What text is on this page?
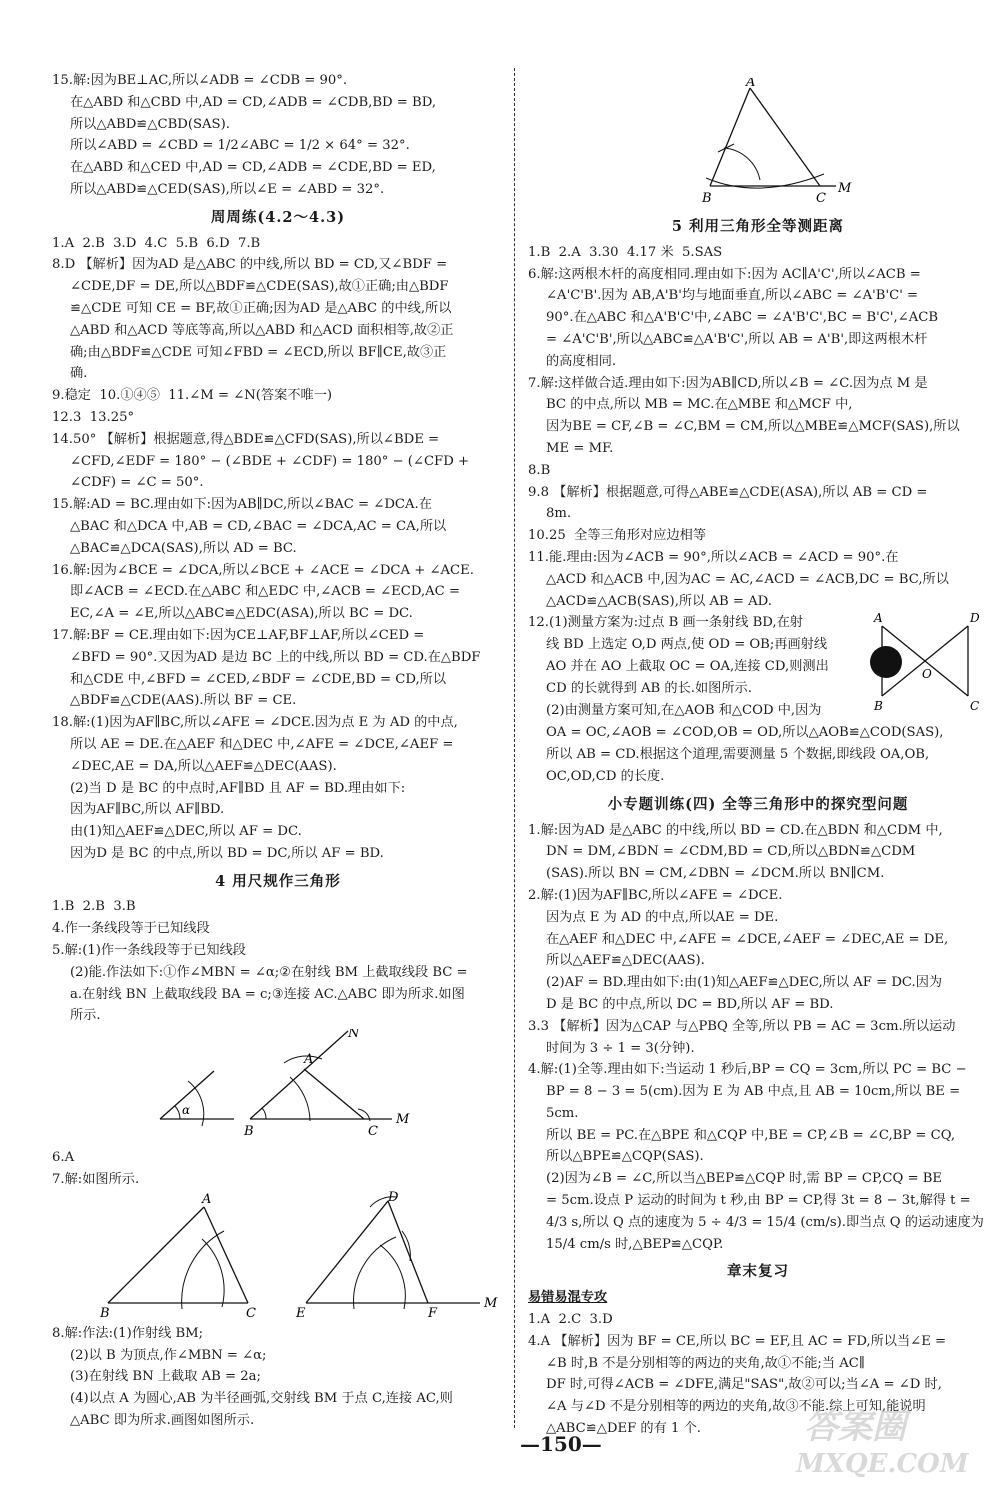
15.解:因为BE⊥AC,所以∠ADB = ∠CDB = 90°.
在△ABD 和△CBD 中,AD = CD,∠ADB = ∠CDB,BD = BD,
所以△ABD≌△CBD(SAS).
所以∠ABD = ∠CBD = 1/2∠ABC = 1/2 × 64° = 32°.
在△ABD 和△CED 中,AD = CD,∠ADB = ∠CDE,BD = ED,
所以△ABD≌△CED(SAS),所以∠E = ∠ABD = 32°.
周周练(4.2～4.3)
1.A  2.B  3.D  4.C  5.B  6.D  7.B
8.D 【解析】因为AD 是△ABC 的中线,所以 BD = CD,又∠BDF =
∠CDE,DF = DE,所以△BDF≌△CDE(SAS),故①正确;由△BDF
≌△CDE 可知 CE = BF,故①正确;因为AD 是△ABC 的中线,所以
△ABD 和△ACD 等底等高,所以△ABD 和△ACD 面积相等,故②正
确;由△BDF≌△CDE 可知∠FBD = ∠ECD,所以 BF∥CE,故③正
确.
9.稳定  10.①④⑤  11.∠M = ∠N(答案不唯一)
12.3  13.25°
14.50° 【解析】根据题意,得△BDE≌△CFD(SAS),所以∠BDE =
∠CFD,∠EDF = 180° − (∠BDE + ∠CDF) = 180° − (∠CFD +
∠CDF) = ∠C = 50°.
15.解:AD = BC.理由如下:因为AB∥DC,所以∠BAC = ∠DCA.在
△BAC 和△DCA 中,AB = CD,∠BAC = ∠DCA,AC = CA,所以
△BAC≌△DCA(SAS),所以 AD = BC.
16.解:因为∠BCE = ∠DCA,所以∠BCE + ∠ACE = ∠DCA + ∠ACE.
即∠ACB = ∠ECD.在△ABC 和△EDC 中,∠ACB = ∠ECD,AC =
EC,∠A = ∠E,所以△ABC≌△EDC(ASA),所以 BC = DC.
17.解:BF = CE.理由如下:因为CE⊥AF,BF⊥AF,所以∠CED =
∠BFD = 90°.又因为AD 是边 BC 上的中线,所以 BD = CD.在△BDF
和△CDE 中,∠BFD = ∠CED,∠BDF = ∠CDE,BD = CD,所以
△BDF≌△CDE(AAS).所以 BF = CE.
18.解:(1)因为AF∥BC,所以∠AFE = ∠DCE.因为点 E 为 AD 的中点,
所以 AE = DE.在△AEF 和△DEC 中,∠AFE = ∠DCE,∠AEF =
∠DEC,AE = DA,所以△AEF≌△DEC(AAS).
(2)当 D 是 BC 的中点时,AF∥BD 且 AF = BD.理由如下:
因为AF∥BC,所以 AF∥BD.
由(1)知△AEF≌△DEC,所以 AF = DC.
因为D 是 BC 的中点,所以 BD = DC,所以 AF = BD.
4 用尺规作三角形
1.B  2.B  3.B
4.作一条线段等于已知线段
5.解:(1)作一条线段等于已知线段
(2)能.作法如下:①作∠MBN = ∠α;②在射线 BM 上截取线段 BC =
a.在射线 BN 上截取线段 BA = c;③连接 AC.△ABC 即为所求.如图
所示.
α
B	C
M
A
N
6.A
7.解:如图所示.
B
A
C	E
D
F
M
8.解:作法:(1)作射线 BM;
(2)以 B 为顶点,作∠MBN = ∠α;
(3)在射线 BN 上截取 AB = 2a;
(4)以点 A 为圆心,AB 为半径画弧,交射线 BM 于点 C,连接 AC,则
△ABC 即为所求.画图如图所示.
A
B	C
M
5 利用三角形全等测距离
1.B  2.A  3.30  4.17 米  5.SAS
6.解:这两根木杆的高度相同.理由如下:因为 AC∥A'C',所以∠ACB =
∠A'C'B'.因为 AB,A'B'均与地面垂直,所以∠ABC = ∠A'B'C' =
90°.在△ABC 和△A'B'C'中,∠ABC = ∠A'B'C',BC = B'C',∠ACB
= ∠A'C'B',所以△ABC≌△A'B'C',所以 AB = A'B',即这两根木杆
的高度相同.
7.解:这样做合适.理由如下:因为AB∥CD,所以∠B = ∠C.因为点 M 是
BC 的中点,所以 MB = MC.在△MBE 和△MCF 中,
因为BE = CF,∠B = ∠C,BM = CM,所以△MBE≌△MCF(SAS),所以
ME = MF.
8.B
9.8 【解析】根据题意,可得△ABE≌△CDE(ASA),所以 AB = CD =
8m.
10.25  全等三角形对应边相等
11.能.理由:因为∠ACB = 90°,所以∠ACB = ∠ACD = 90°.在
△ACD 和△ACB 中,因为AC = AC,∠ACD = ∠ACB,DC = BC,所以
△ACD≌△ACB(SAS),所以 AB = AD.
12.(1)测量方案为:过点 B 画一条射线 BD,在射
线 BD 上选定 O,D 两点,使 OD = OB;再画射线
AO 并在 AO 上截取 OC = OA,连接 CD,则测出
CD 的长就得到 AB 的长.如图所示.
(2)由测量方案可知,在△AOB 和△COD 中,因为
A
B
D
C
O
OA = OC,∠AOB = ∠COD,OB = OD,所以△AOB≌△COD(SAS),
所以 AB = CD.根据这个道理,需要测量 5 个数据,即线段 OA,OB,
OC,OD,CD 的长度.
小专题训练(四) 全等三角形中的探究型问题
1.解:因为AD 是△ABC 的中线,所以 BD = CD.在△BDN 和△CDM 中,
DN = DM,∠BDN = ∠CDM,BD = CD,所以△BDN≌△CDM
(SAS).所以 BN = CM,∠DBN = ∠DCM.所以 BN∥CM.
2.解:(1)因为AF∥BC,所以∠AFE = ∠DCE.
因为点 E 为 AD 的中点,所以AE = DE.
在△AEF 和△DEC 中,∠AFE = ∠DCE,∠AEF = ∠DEC,AE = DE,
所以△AEF≌△DEC(AAS).
(2)AF = BD.理由如下:由(1)知△AEF≌△DEC,所以 AF = DC.因为
D 是 BC 的中点,所以 DC = BD,所以 AF = BD.
3.3 【解析】因为△CAP 与△PBQ 全等,所以 PB = AC = 3cm.所以运动
时间为 3 ÷ 1 = 3(分钟).
4.解:(1)全等.理由如下:当运动 1 秒后,BP = CQ = 3cm,所以 PC = BC −
BP = 8 − 3 = 5(cm).因为 E 为 AB 中点,且 AB = 10cm,所以 BE = 5cm.
所以 BE = PC.在△BPE 和△CQP 中,BE = CP,∠B = ∠C,BP = CQ,
所以△BPE≌△CQP(SAS).
(2)因为∠B = ∠C,所以当△BEP≌△CQP 时,需 BP = CP,CQ = BE
= 5cm.设点 P 运动的时间为 t 秒,由 BP = CP,得 3t = 8 − 3t,解得 t =
4/3 s,所以 Q 点的速度为 5 ÷ 4/3 = 15/4 (cm/s).即当点 Q 的运动速度为
15/4 cm/s 时,△BEP≌△CQP.
章末复习
易错易混专攻
1.A  2.C  3.D
4.A 【解析】因为 BF = CE,所以 BC = EF,且 AC = FD,所以当∠E =
∠B 时,B 不是分别相等的两边的夹角,故①不能;当 AC∥
DF 时,可得∠ACB = ∠DFE,满足"SAS",故②可以;当∠A = ∠D 时,
∠A 与∠D 不是分别相等的两边的夹角,故③不能.综上可知,能说明
△ABC≌△DEF 的有 1 个.
—150—	答案圈
MXQE.COM
